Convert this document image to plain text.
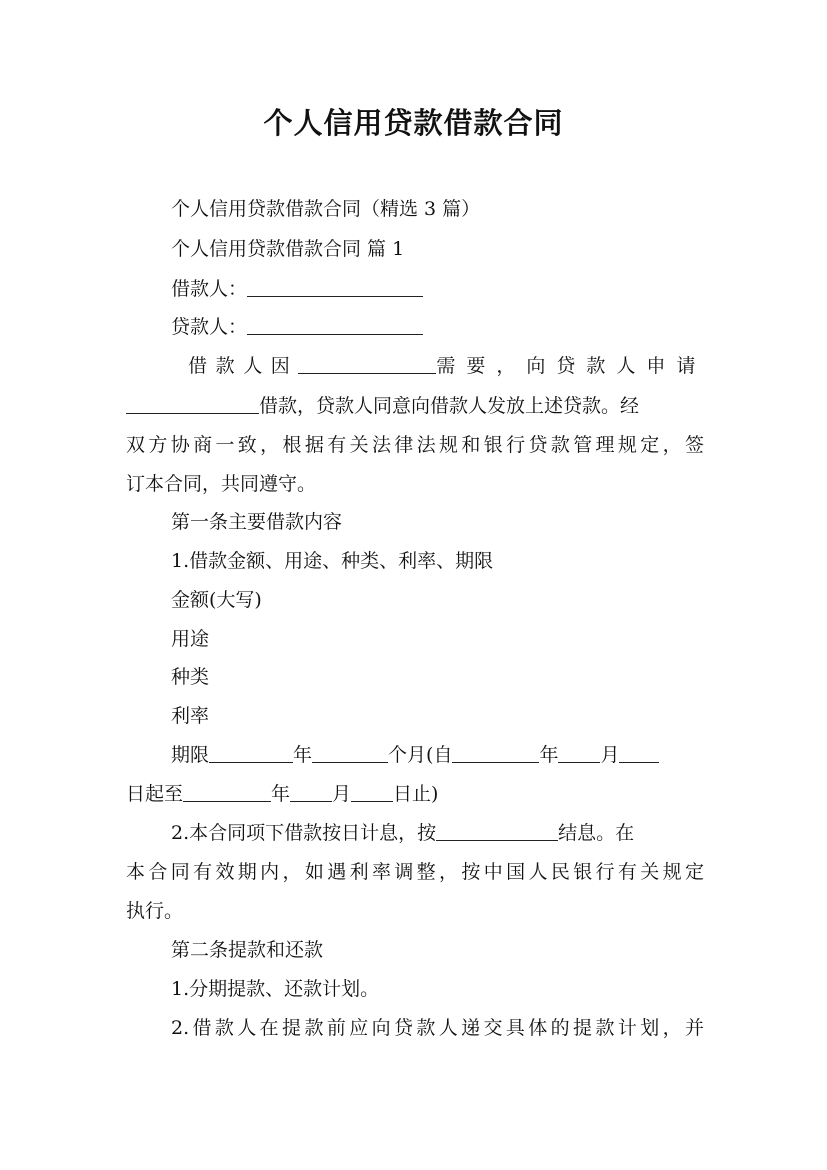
个人信用贷款借款合同
个人信用贷款借款合同（精选 3 篇）
个人信用贷款借款合同 篇 1
借款人：
贷款人：
借款人因	需要，向贷款人申请
借款，贷款人同意向借款人发放上述贷款。经
双方协商一致，根据有关法律法规和银行贷款管理规定，签
订本合同，共同遵守。
第一条主要借款内容
1.借款金额、用途、种类、利率、期限
金额(大写)
用途
种类
利率
期限	年	个月(自	年 月
日起至	年 月 日止)
2.本合同项下借款按日计息，按	结息。在
本合同有效期内，如遇利率调整，按中国人民银行有关规定
执行。
第二条提款和还款
1.分期提款、还款计划。
2.借款人在提款前应向贷款人递交具体的提款计划，并
